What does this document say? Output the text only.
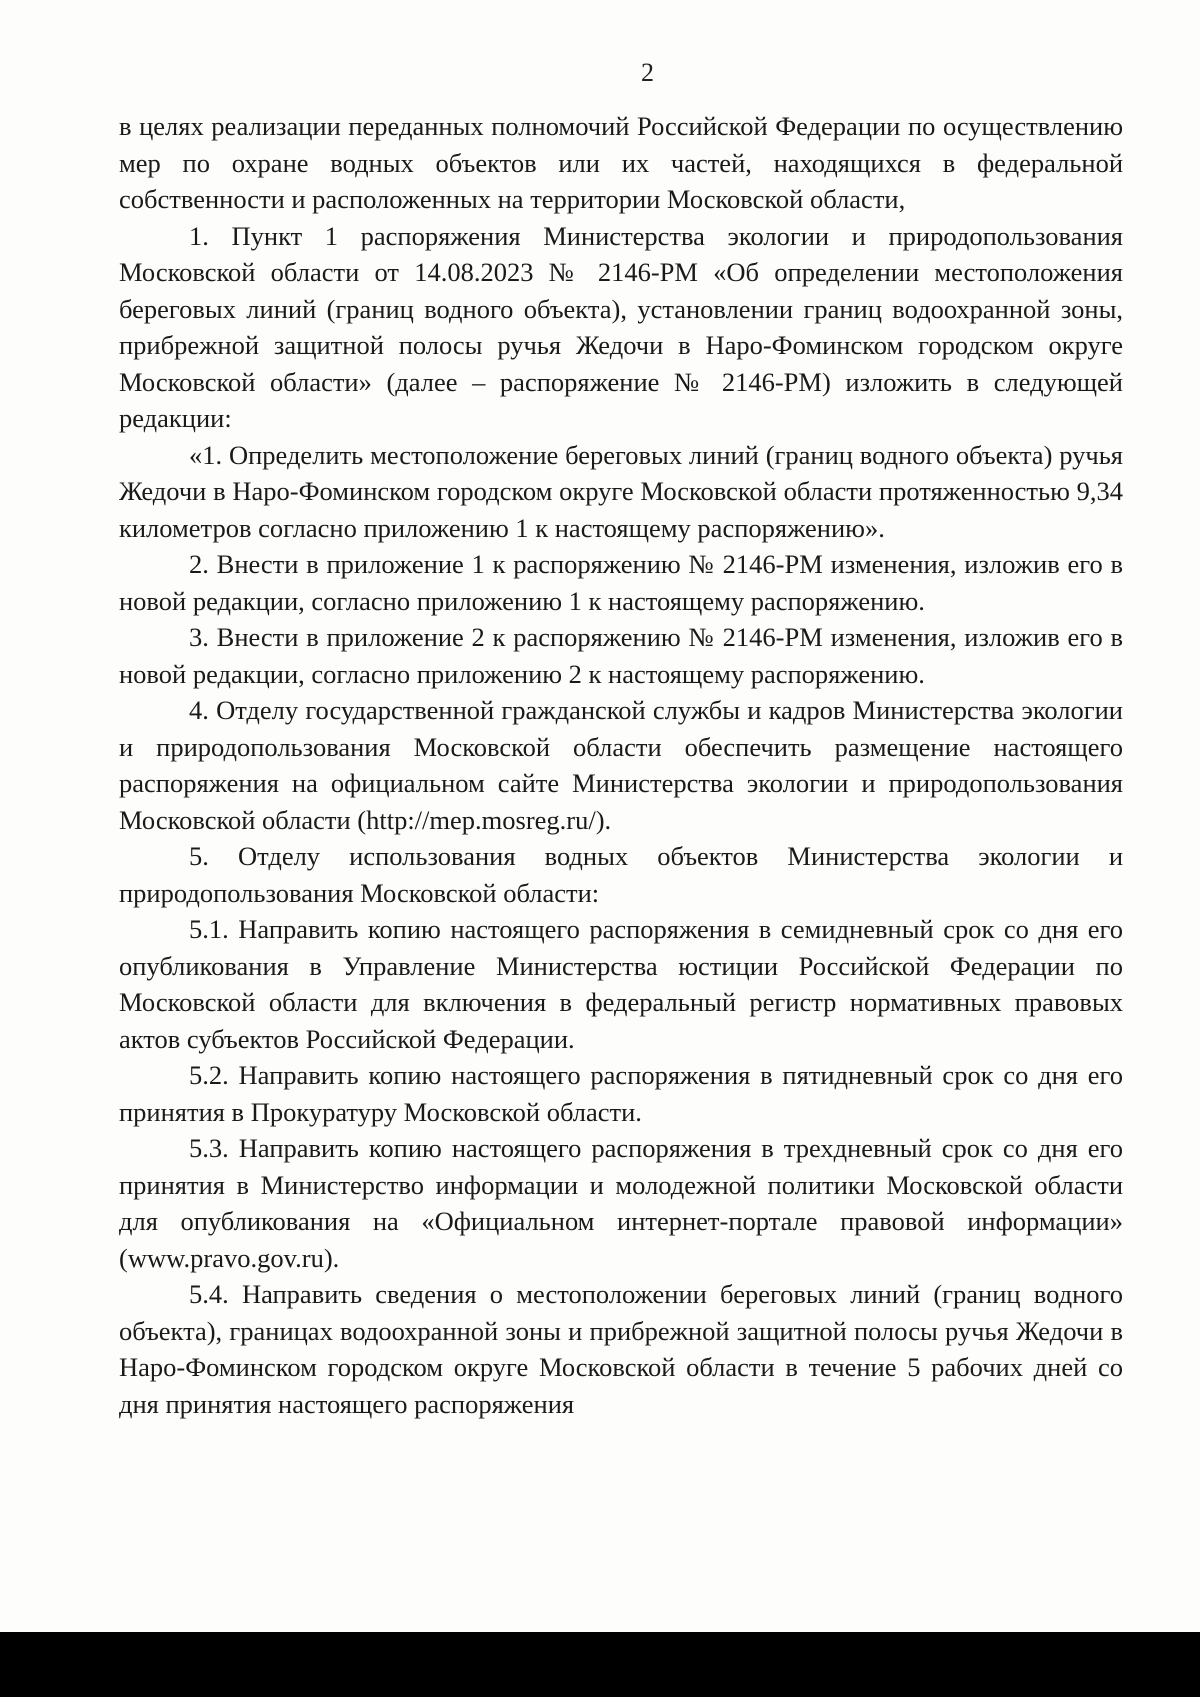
2

в целях реализации переданных полномочий Российской Федерации по осуществлению мер по охране водных объектов или их частей, находящихся в федеральной собственности и расположенных на территории Московской области,

1. Пункт 1 распоряжения Министерства экологии и природопользования Московской области от 14.08.2023 № 2146-РМ «Об определении местоположения береговых линий (границ водного объекта), установлении границ водоохранной зоны, прибрежной защитной полосы ручья Жедочи в Наро-Фоминском городском округе Московской области» (далее – распоряжение № 2146-РМ) изложить в следующей редакции:

«1. Определить местоположение береговых линий (границ водного объекта) ручья Жедочи в Наро-Фоминском городском округе Московской области протяженностью 9,34 километров согласно приложению 1 к настоящему распоряжению».

2. Внести в приложение 1 к распоряжению № 2146-РМ изменения, изложив его в новой редакции, согласно приложению 1 к настоящему распоряжению.

3. Внести в приложение 2 к распоряжению № 2146-РМ изменения, изложив его в новой редакции, согласно приложению 2 к настоящему распоряжению.

4. Отделу государственной гражданской службы и кадров Министерства экологии и природопользования Московской области обеспечить размещение настоящего распоряжения на официальном сайте Министерства экологии и природопользования Московской области (http://mep.mosreg.ru/).

5. Отделу использования водных объектов Министерства экологии и природопользования Московской области:

5.1. Направить копию настоящего распоряжения в семидневный срок со дня его опубликования в Управление Министерства юстиции Российской Федерации по Московской области для включения в федеральный регистр нормативных правовых актов субъектов Российской Федерации.

5.2. Направить копию настоящего распоряжения в пятидневный срок со дня его принятия в Прокуратуру Московской области.

5.3. Направить копию настоящего распоряжения в трехдневный срок со дня его принятия в Министерство информации и молодежной политики Московской области для опубликования на «Официальном интернет-портале правовой информации» (www.pravo.gov.ru).

5.4. Направить сведения о местоположении береговых линий (границ водного объекта), границах водоохранной зоны и прибрежной защитной полосы ручья Жедочи в Наро-Фоминском городском округе Московской области в течение 5 рабочих дней со дня принятия настоящего распоряжения
